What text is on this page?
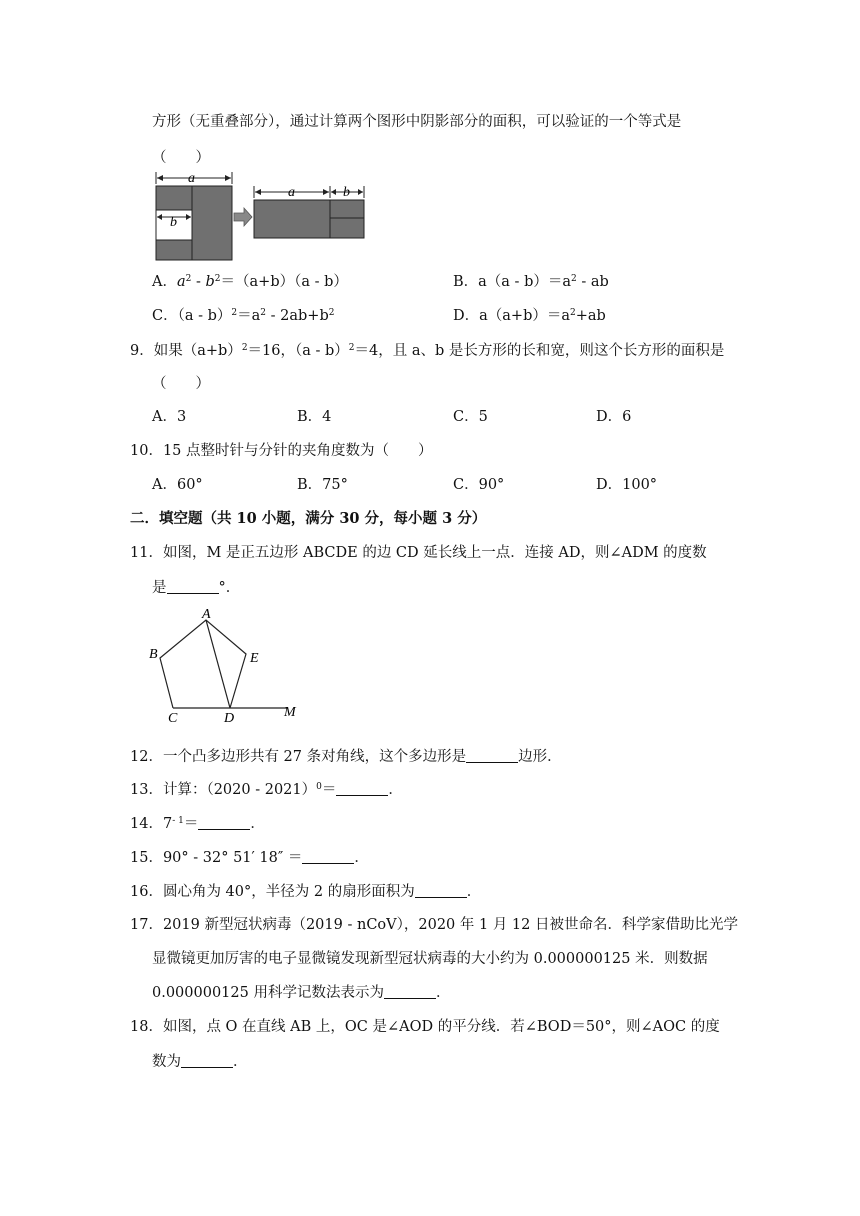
方形（无重叠部分），通过计算两个图形中阴影部分的面积，可以验证的一个等式是
（　　）
a
b
a	b
A．$a^2 - b^2=(a+b)(a - b)$	B．$a(a - b)=a^2$ - ab
C．$(a - b)^2=a^2 - 2ab+b^2$	D．$a(a+b)=a^2+ab$
9．如果$(a+b)^2=16$，（a - b）$^2$＝4，且 a、b 是长方形的长和宽，则这个长方形的面积是
（　　）
A．3	B．4	C．5	D．6
10．15 点整时针与分针的夹角度数为（　　）
A．60°	B．75°	C．90°	D．100°
二．填空题（共 10 小题，满分 30 分，每小题 3 分）
11．如图，M 是正五边形 ABCDE 的边 CD 延长线上一点．连接 AD，则∠ADM 的度数
是	°．
A
B
C	D
E
M
12．一个凸多边形共有 27 条对角线，这个多边形是	边形．
13．计算：（2020 - 2021）$^0$＝	．
14．$7^{- 1}=$	．
15．90° - 32° 51′ 18″ ＝	．
16．圆心角为 40°，半径为 2 的扇形面积为	．
17．2019 新型冠状病毒（2019 - nCoV），2020 年 1 月 12 日被世命名．科学家借助比光学
显微镜更加厉害的电子显微镜发现新型冠状病毒的大小约为 0.000000125 米．则数据
0.000000125 用科学记数法表示为	．
18．如图，点 O 在直线 AB 上，OC 是∠AOD 的平分线．若∠BOD＝50°，则∠AOC 的度
数为	．
